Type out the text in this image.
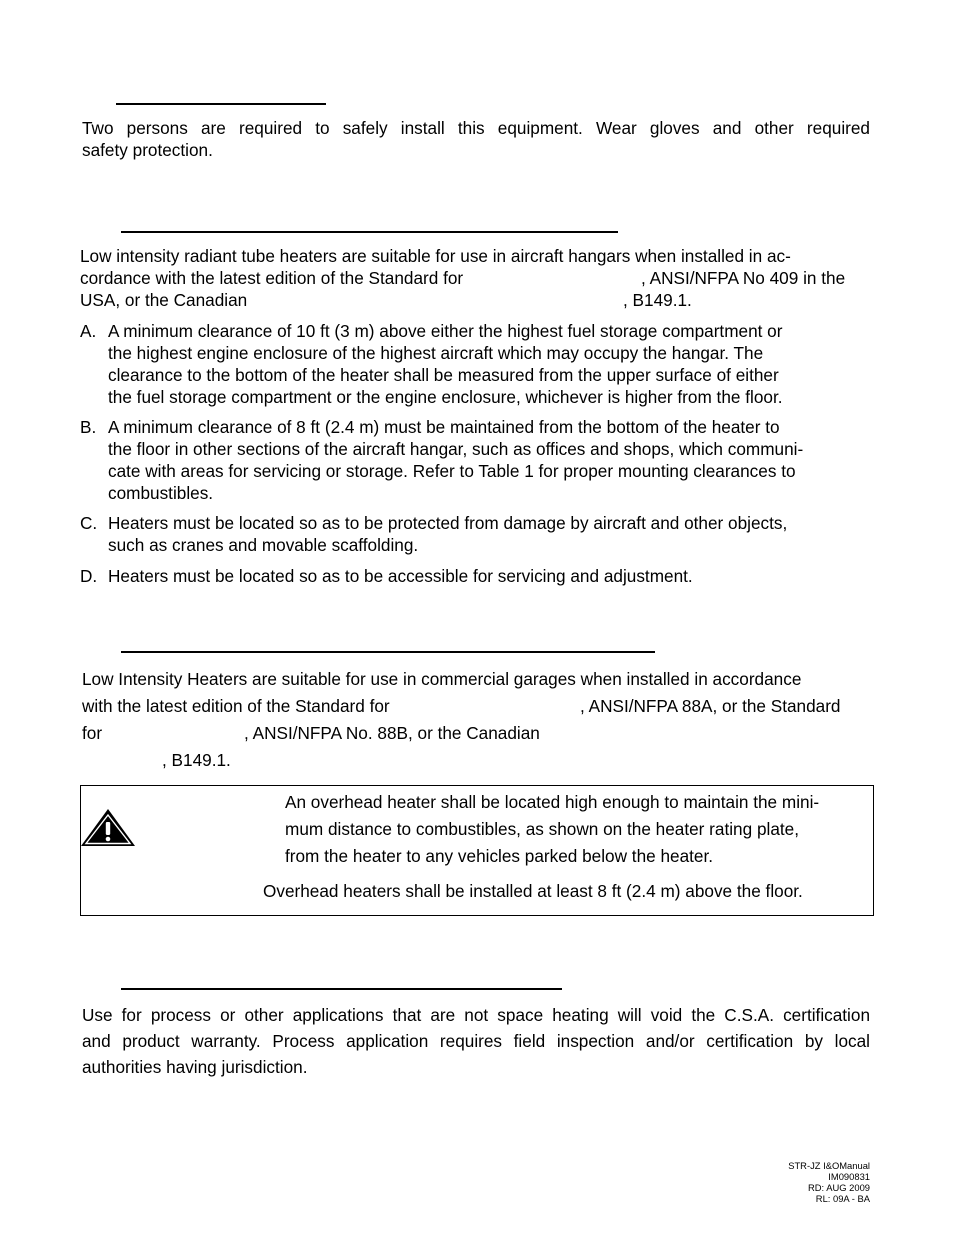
Two persons are required to safely install this equipment. Wear gloves and other required
safety protection.
Low intensity radiant tube heaters are suitable for use in aircraft hangars when installed in ac-
cordance with the latest edition of the Standard for	, ANSI/NFPA No 409 in the
USA, or the Canadian	, B149.1.
A. A minimum clearance of 10 ft (3 m) above either the highest fuel storage compartment or
the highest engine enclosure of the highest aircraft which may occupy the hangar. The
clearance to the bottom of the heater shall be measured from the upper surface of either
the fuel storage compartment or the engine enclosure, whichever is higher from the floor.
B. A minimum clearance of 8 ft (2.4 m) must be maintained from the bottom of the heater to
the floor in other sections of the aircraft hangar, such as offices and shops, which communi-
cate with areas for servicing or storage. Refer to Table 1 for proper mounting clearances to
combustibles.
C. Heaters must be located so as to be protected from damage by aircraft and other objects,
such as cranes and movable scaffolding.
D. Heaters must be located so as to be accessible for servicing and adjustment.
Low Intensity Heaters are suitable for use in commercial garages when installed in accordance
with the latest edition of the Standard for	, ANSI/NFPA 88A, or the Standard
for	, ANSI/NFPA No. 88B, or the Canadian
, B149.1.
An overhead heater shall be located high enough to maintain the mini-
mum distance to combustibles, as shown on the heater rating plate,
from the heater to any vehicles parked below the heater.
Overhead heaters shall be installed at least 8 ft (2.4 m) above the floor.
Use for process or other applications that are not space heating will void the C.S.A. certification
and product warranty. Process application requires field inspection and/or certification by local
authorities having jurisdiction.
STR-JZ I&OManual
IM090831
RD: AUG 2009
RL: 09A - BA
